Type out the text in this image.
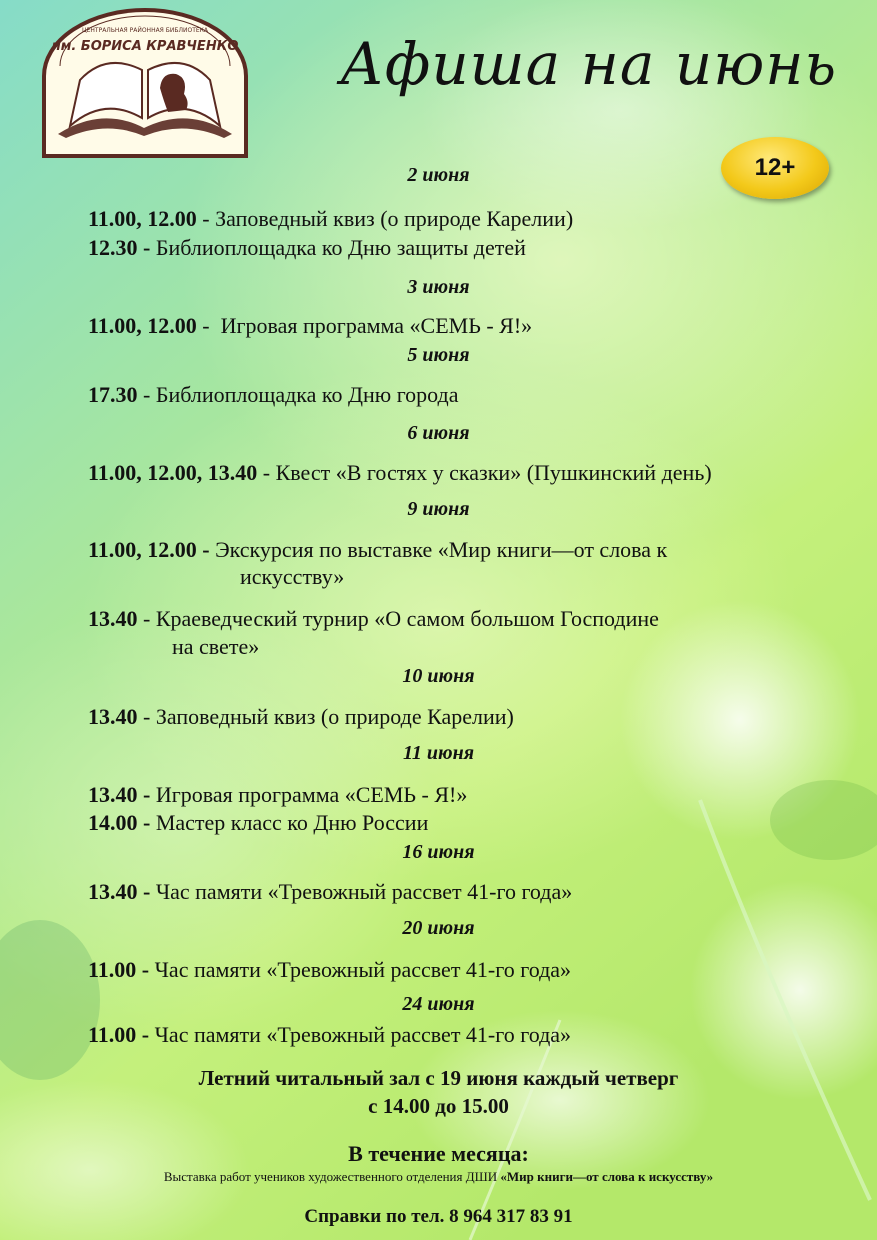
ЦЕНТРАЛЬНАЯ РАЙОННАЯ БИБЛИОТЕКА
им. БОРИСА КРАВЧЕНКО Афиша на июнь
12+
2 июня
11.00, 12.00 - Заповедный квиз (о природе Карелии)
12.30 - Библиоплощадка ко Дню защиты детей
3 июня
11.00, 12.00 -  Игровая программа «СЕМЬ - Я!»
5 июня
17.30 - Библиоплощадка ко Дню города
6 июня
11.00, 12.00, 13.40 - Квест «В гостях у сказки» (Пушкинский день)
9 июня
11.00, 12.00 - Экскурсия по выставке «Мир книги—от слова к
искусству»
13.40 - Краеведческий турнир «О самом большом Господине
на свете»
10 июня
13.40 - Заповедный квиз (о природе Карелии)
11 июня
13.40 - Игровая программа «СЕМЬ - Я!»
14.00 - Мастер класс ко Дню России
16 июня
13.40 - Час памяти «Тревожный рассвет 41-го года»
20 июня
11.00 - Час памяти «Тревожный рассвет 41-го года»
24 июня
11.00 - Час памяти «Тревожный рассвет 41-го года»
Летний читальный зал с 19 июня каждый четверг
с 14.00 до 15.00
В течение месяца:
Выставка работ учеников художественного отделения ДШИ «Мир книги—от слова к искусству»
Справки по тел. 8 964 317 83 91
